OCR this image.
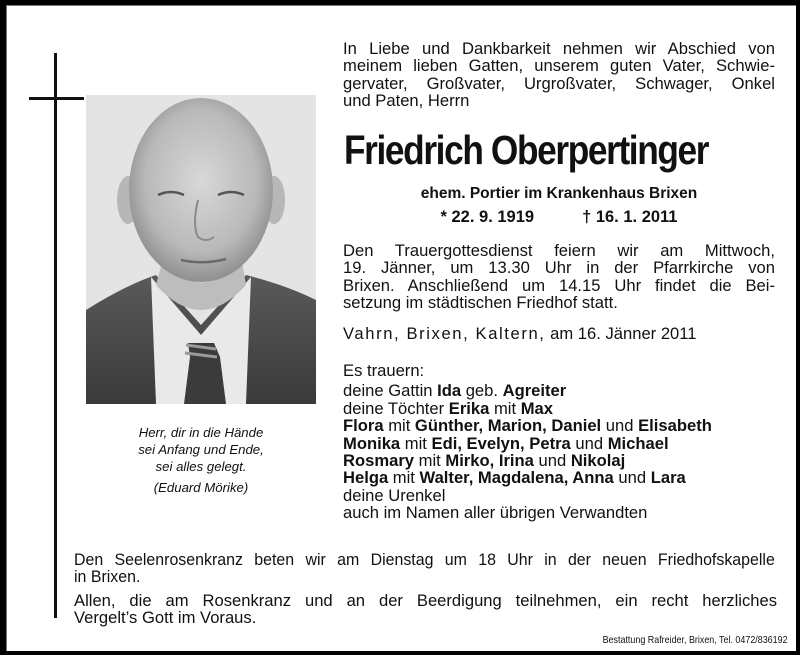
Herr, dir in die Hände
sei Anfang und Ende,
sei alles gelegt.
(Eduard Mörike)
In Liebe und Dankbarkeit nehmen wir Abschied von
meinem lieben Gatten, unserem guten Vater, Schwie-
gervater, Großvater, Urgroßvater, Schwager, Onkel
und Paten, Herrn
Friedrich Oberpertinger
ehem. Portier im Krankenhaus Brixen
* 22. 9. 1919	† 16. 1. 2011
Den Trauergottesdienst feiern wir am Mittwoch,
19. Jänner, um 13.30 Uhr in der Pfarrkirche von
Brixen. Anschließend um 14.15 Uhr findet die Bei-
setzung im städtischen Friedhof statt.
Vahrn, Brixen, Kaltern, am 16. Jänner 2011
Es trauern:
deine Gattin Ida geb. Agreiter
deine Töchter Erika mit Max
Flora mit Günther, Marion, Daniel und Elisabeth
Monika mit Edi, Evelyn, Petra und Michael
Rosmary mit Mirko, Irina und Nikolaj
Helga mit Walter, Magdalena, Anna und Lara
deine Urenkel
auch im Namen aller übrigen Verwandten
Den Seelenrosenkranz beten wir am Dienstag um 18 Uhr in der neuen Friedhofskapelle
in Brixen.
Allen, die am Rosenkranz und an der Beerdigung teilnehmen, ein recht herzliches
Vergelt’s Gott im Voraus.
Bestattung Rafreider, Brixen, Tel. 0472/836192
